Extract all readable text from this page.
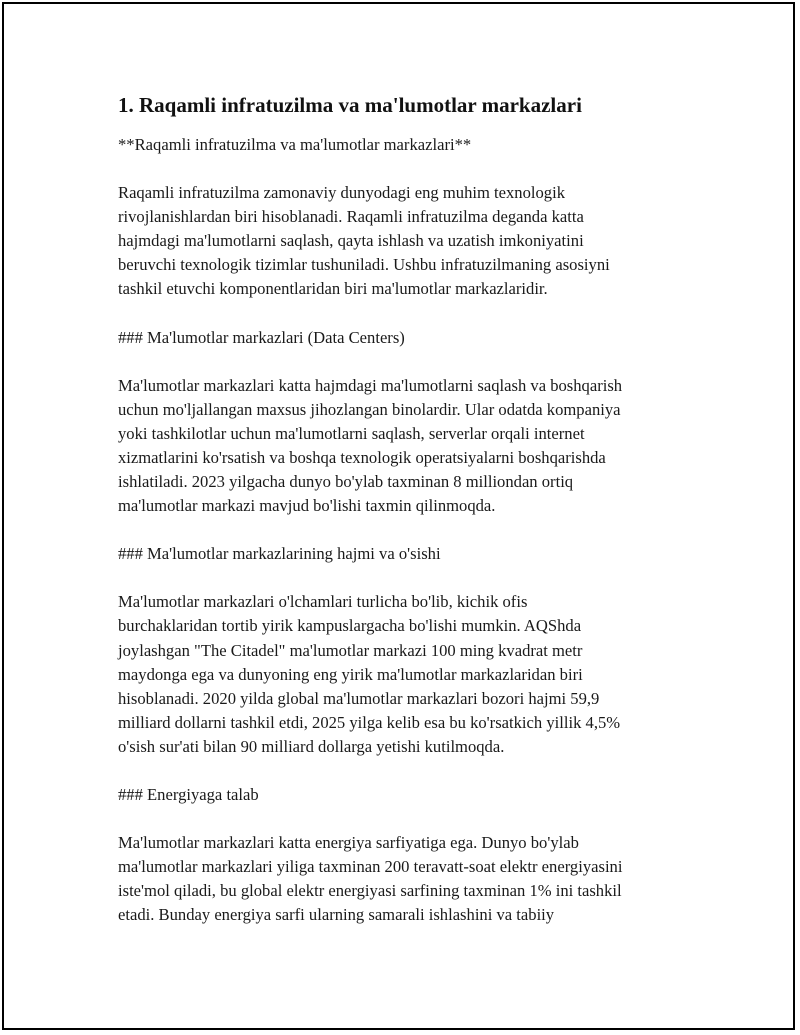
1. Raqamli infratuzilma va ma'lumotlar markazlari
**Raqamli infratuzilma va ma'lumotlar markazlari**
Raqamli infratuzilma zamonaviy dunyodagi eng muhim texnologik
rivojlanishlardan biri hisoblanadi. Raqamli infratuzilma deganda katta
hajmdagi ma'lumotlarni saqlash, qayta ishlash va uzatish imkoniyatini
beruvchi texnologik tizimlar tushuniladi. Ushbu infratuzilmaning asosiyni
tashkil etuvchi komponentlaridan biri ma'lumotlar markazlaridir.
### Ma'lumotlar markazlari (Data Centers)
Ma'lumotlar markazlari katta hajmdagi ma'lumotlarni saqlash va boshqarish
uchun mo'ljallangan maxsus jihozlangan binolardir. Ular odatda kompaniya
yoki tashkilotlar uchun ma'lumotlarni saqlash, serverlar orqali internet
xizmatlarini ko'rsatish va boshqa texnologik operatsiyalarni boshqarishda
ishlatiladi. 2023 yilgacha dunyo bo'ylab taxminan 8 milliondan ortiq
ma'lumotlar markazi mavjud bo'lishi taxmin qilinmoqda.
### Ma'lumotlar markazlarining hajmi va o'sishi
Ma'lumotlar markazlari o'lchamlari turlicha bo'lib, kichik ofis
burchaklaridan tortib yirik kampuslargacha bo'lishi mumkin. AQShda
joylashgan "The Citadel" ma'lumotlar markazi 100 ming kvadrat metr
maydonga ega va dunyoning eng yirik ma'lumotlar markazlaridan biri
hisoblanadi. 2020 yilda global ma'lumotlar markazlari bozori hajmi 59,9
milliard dollarni tashkil etdi, 2025 yilga kelib esa bu ko'rsatkich yillik 4,5%
o'sish sur'ati bilan 90 milliard dollarga yetishi kutilmoqda.
### Energiyaga talab
Ma'lumotlar markazlari katta energiya sarfiyatiga ega. Dunyo bo'ylab
ma'lumotlar markazlari yiliga taxminan 200 teravatt-soat elektr energiyasini
iste'mol qiladi, bu global elektr energiyasi sarfining taxminan 1% ini tashkil
etadi. Bunday energiya sarfi ularning samarali ishlashini va tabiiy
